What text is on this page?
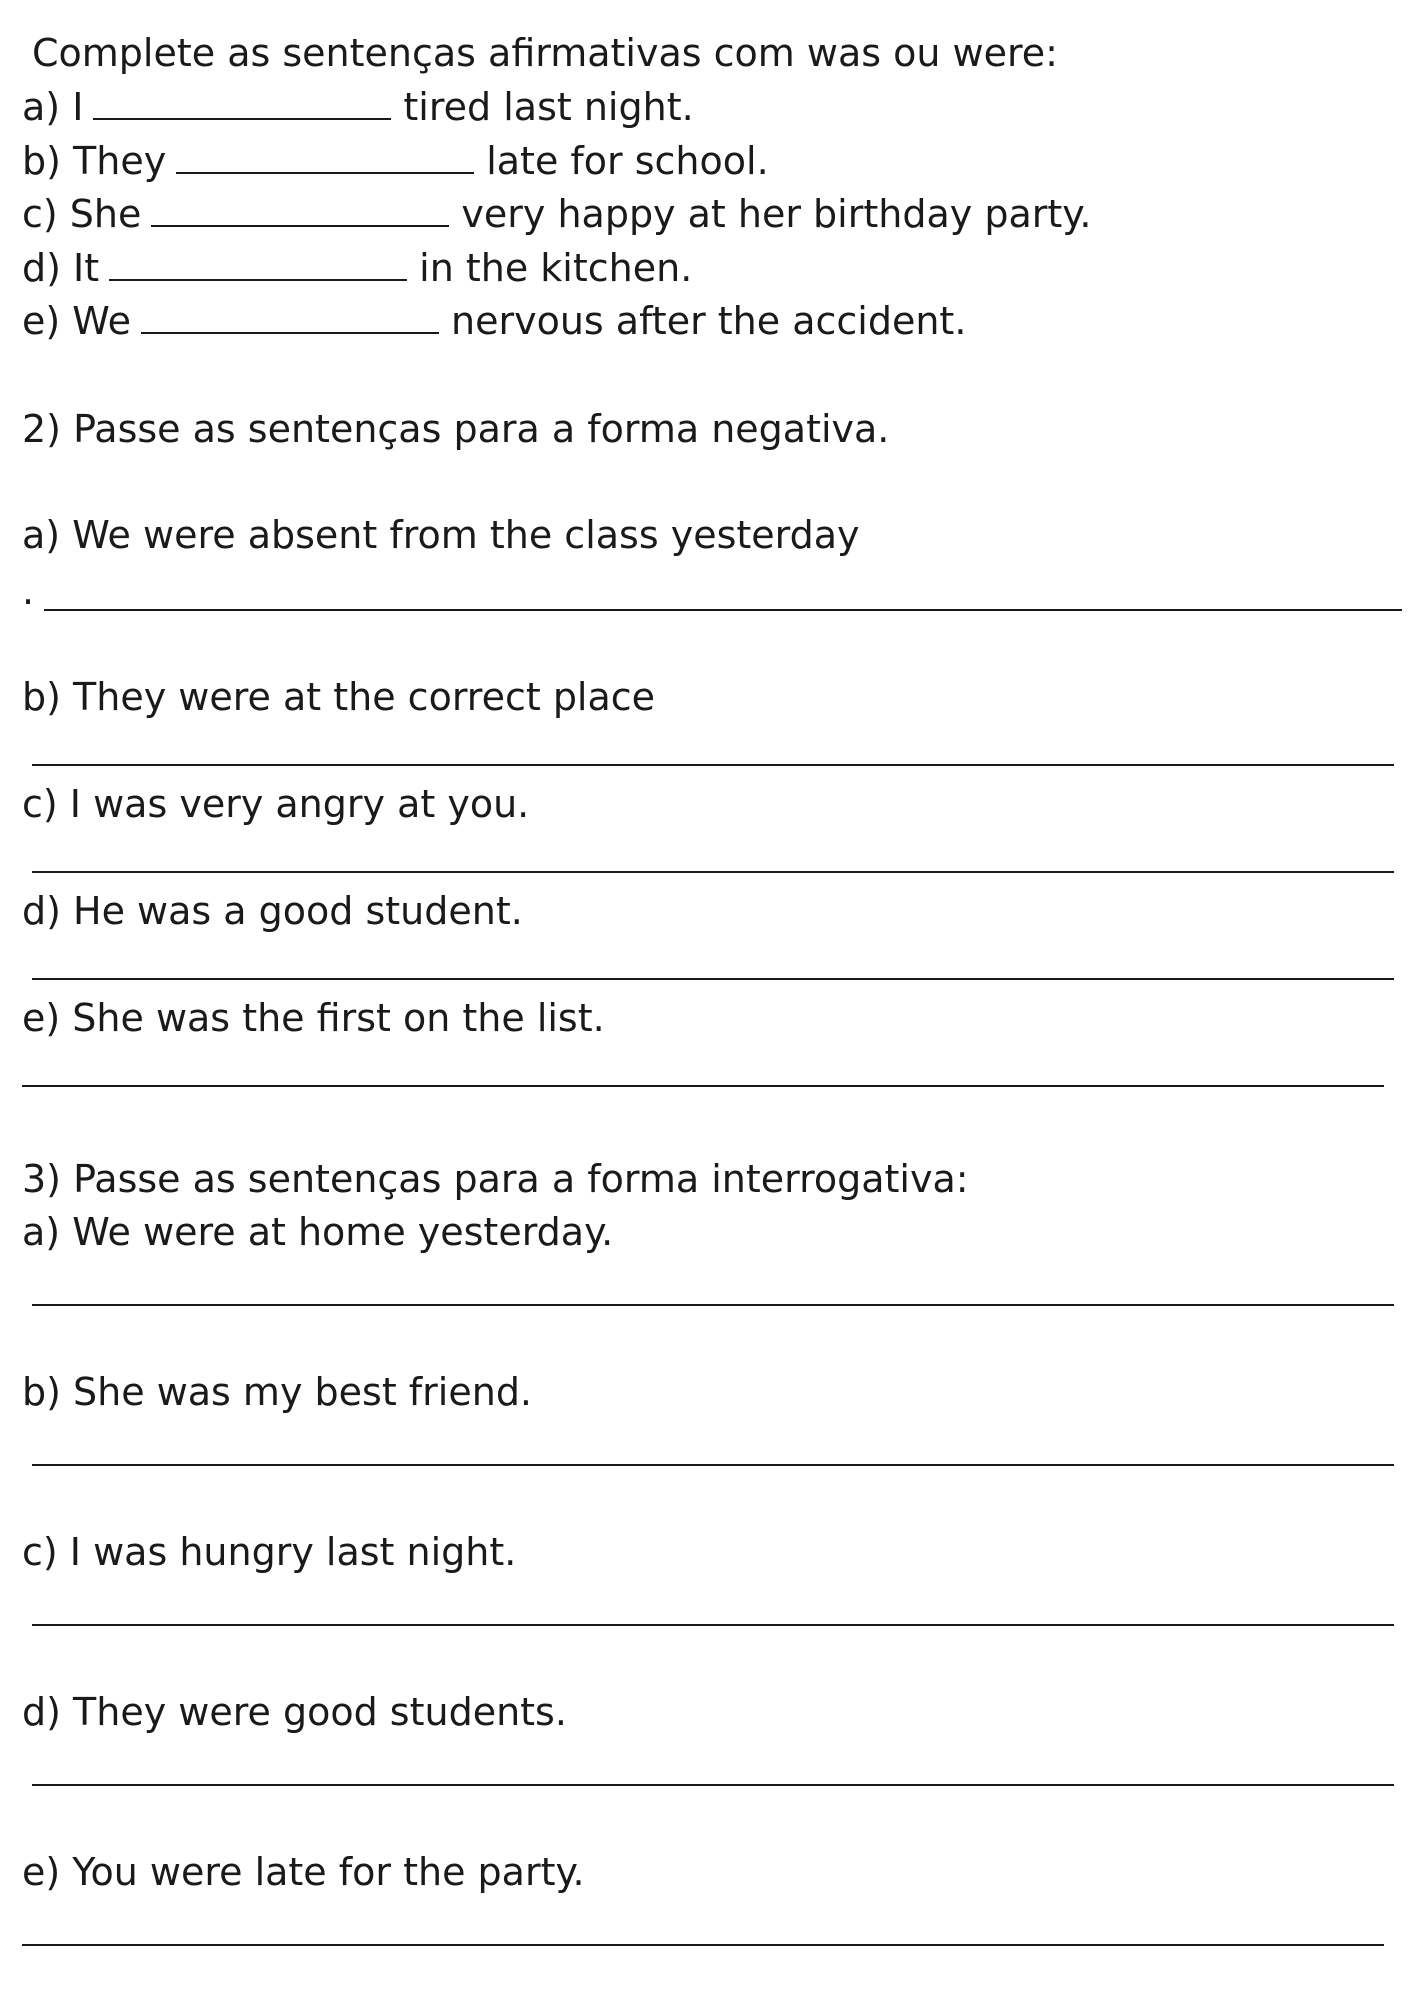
Complete as sentenças afirmativas com was ou were:
a) I	tired last night.
b) They	late for school.
c) She	very happy at her birthday party.
d) It	in the kitchen.
e) We	nervous after the accident.
2) Passe as sentenças para a forma negativa.
a) We were absent from the class yesterday
.
b) They were at the correct place
c) I was very angry at you.
d) He was a good student.
e) She was the first on the list.
3) Passe as sentenças para a forma interrogativa:
a) We were at home yesterday.
b) She was my best friend.
c) I was hungry last night.
d) They were good students.
e) You were late for the party.
